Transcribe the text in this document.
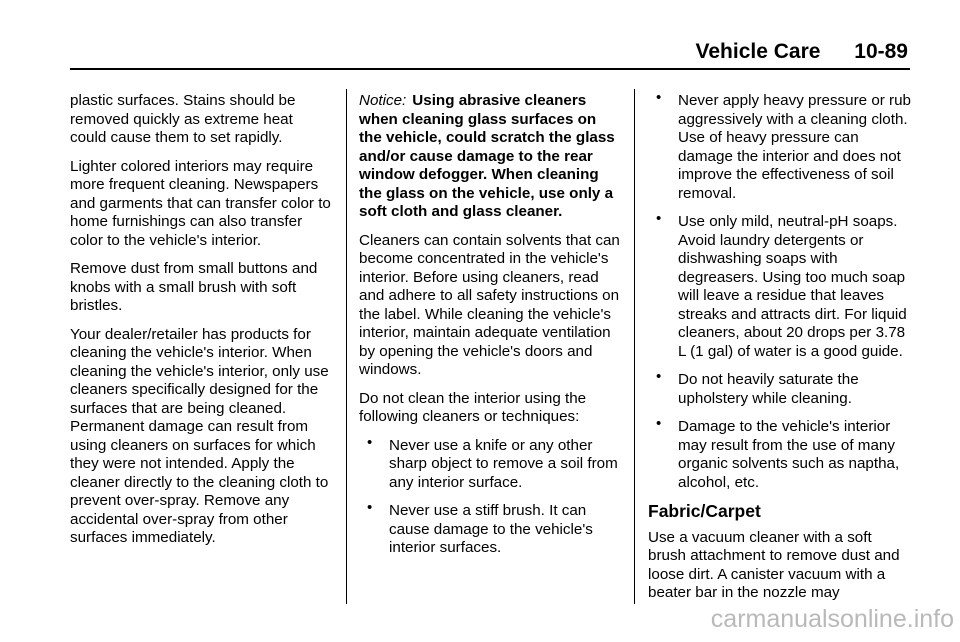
Vehicle Care 10-89

plastic surfaces. Stains should be removed quickly as extreme heat could cause them to set rapidly.

Lighter colored interiors may require more frequent cleaning. Newspapers and garments that can transfer color to home furnishings can also transfer color to the vehicle's interior.

Remove dust from small buttons and knobs with a small brush with soft bristles.

Your dealer/retailer has products for cleaning the vehicle's interior. When cleaning the vehicle's interior, only use cleaners specifically designed for the surfaces that are being cleaned. Permanent damage can result from using cleaners on surfaces for which they were not intended. Apply the cleaner directly to the cleaning cloth to prevent over-spray. Remove any accidental over-spray from other surfaces immediately.

Notice: Using abrasive cleaners when cleaning glass surfaces on the vehicle, could scratch the glass and/or cause damage to the rear window defogger. When cleaning the glass on the vehicle, use only a soft cloth and glass cleaner.

Cleaners can contain solvents that can become concentrated in the vehicle's interior. Before using cleaners, read and adhere to all safety instructions on the label. While cleaning the vehicle's interior, maintain adequate ventilation by opening the vehicle's doors and windows.

Do not clean the interior using the following cleaners or techniques:

• Never use a knife or any other sharp object to remove a soil from any interior surface.
• Never use a stiff brush. It can cause damage to the vehicle's interior surfaces.
• Never apply heavy pressure or rub aggressively with a cleaning cloth. Use of heavy pressure can damage the interior and does not improve the effectiveness of soil removal.
• Use only mild, neutral-pH soaps. Avoid laundry detergents or dishwashing soaps with degreasers. Using too much soap will leave a residue that leaves streaks and attracts dirt. For liquid cleaners, about 20 drops per 3.78 L (1 gal) of water is a good guide.
• Do not heavily saturate the upholstery while cleaning.
• Damage to the vehicle's interior may result from the use of many organic solvents such as naptha, alcohol, etc.
Fabric/Carpet

Use a vacuum cleaner with a soft brush attachment to remove dust and loose dirt. A canister vacuum with a beater bar in the nozzle may

carmanualsonline.info
